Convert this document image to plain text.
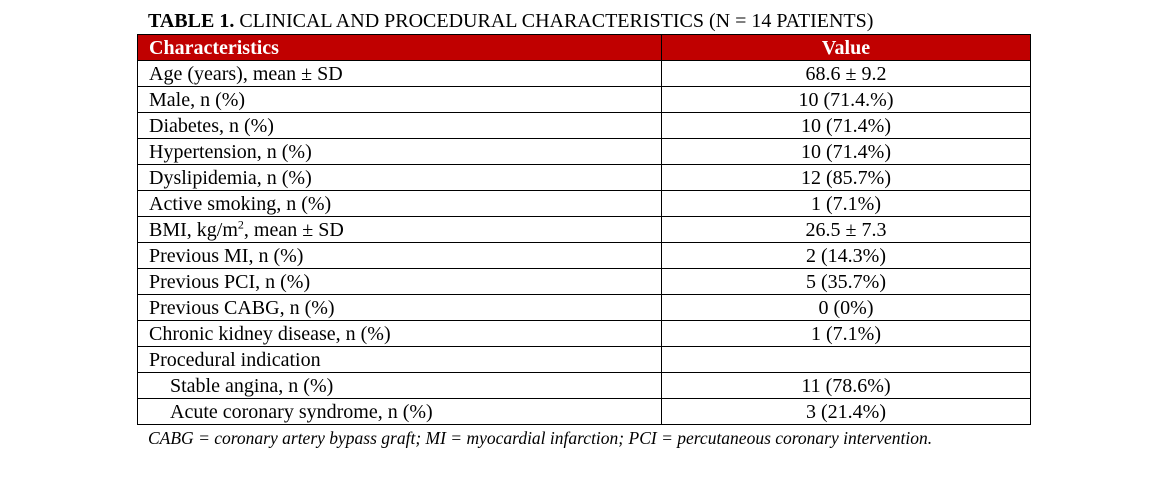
TABLE 1. CLINICAL AND PROCEDURAL CHARACTERISTICS (N = 14 PATIENTS)
Characteristics	Value
Age (years), mean ± SD	68.6 ± 9.2
Male, n (%)	10 (71.4.%)
Diabetes, n (%)	10 (71.4%)
Hypertension, n (%)	10 (71.4%)
Dyslipidemia, n (%)	12 (85.7%)
Active smoking, n (%)	1 (7.1%)
BMI, $kg/m^2$, mean ± SD	26.5 ± 7.3
Previous MI, n (%)	2 (14.3%)
Previous PCI, n (%)	5 (35.7%)
Previous CABG, n (%)	0 (0%)
Chronic kidney disease, n (%)	1 (7.1%)
Procedural indication	
Stable angina, n (%)	11 (78.6%)
Acute coronary syndrome, n (%)	3 (21.4%)
CABG = coronary artery bypass graft; MI = myocardial infarction; PCI = percutaneous coronary intervention.
